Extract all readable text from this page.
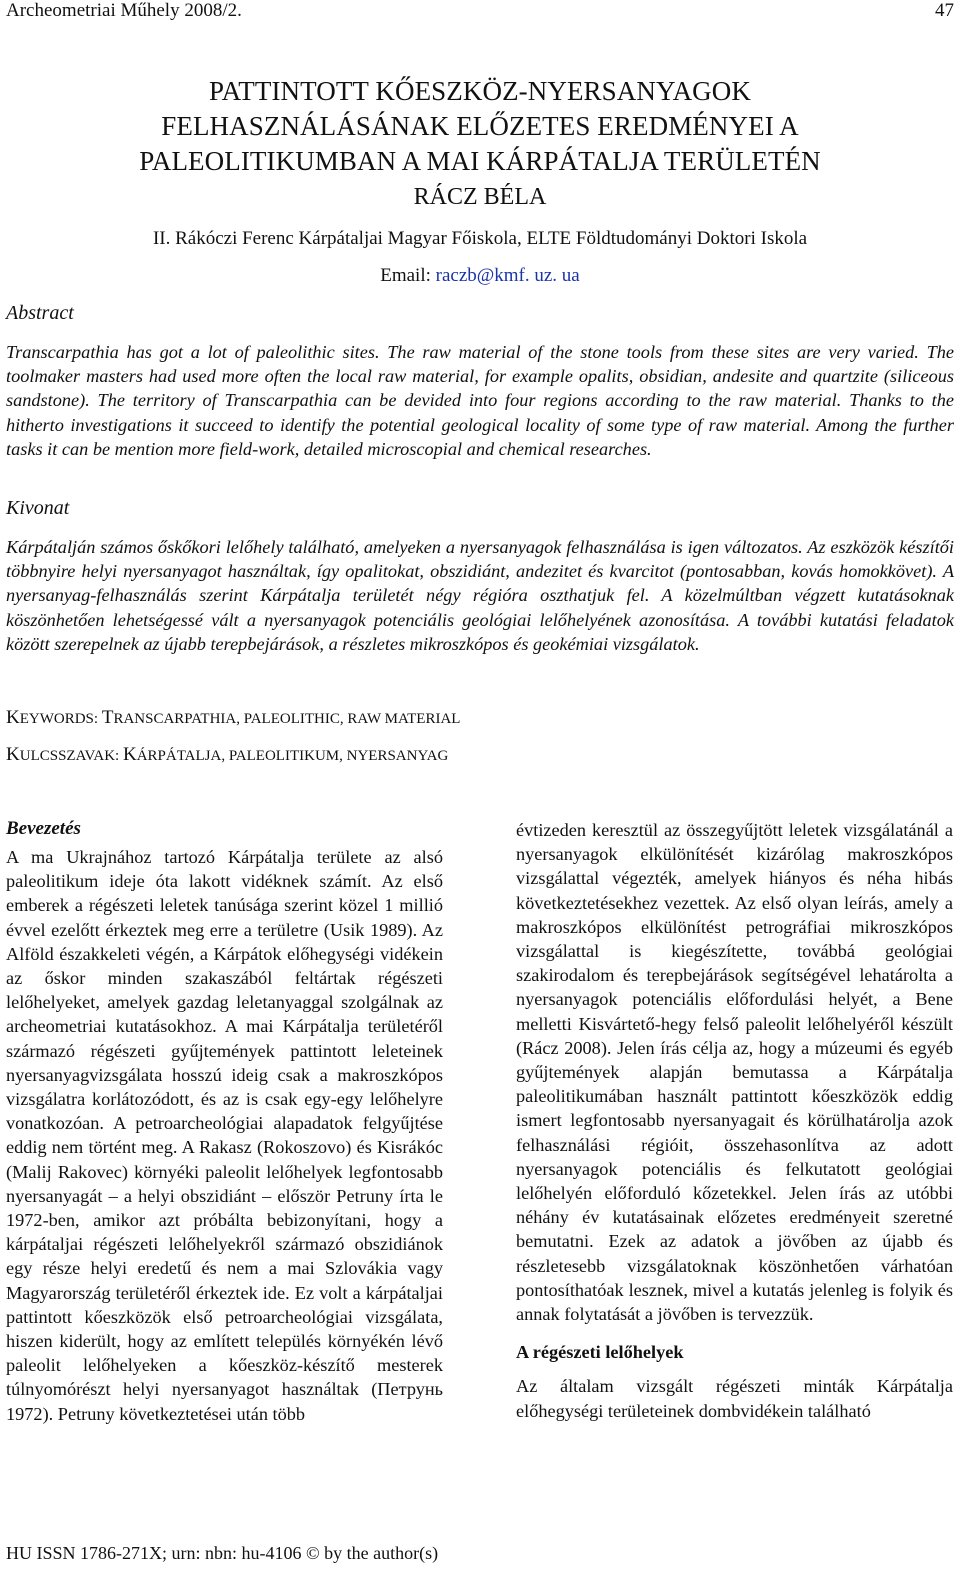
Archeometriai Műhely 2008/2.	47
PATTINTOTT KŐESZKÖZ-NYERSANYAGOK
FELHASZNÁLÁSÁNAK ELŐZETES EREDMÉNYEI A
PALEOLITIKUMBAN A MAI KÁRPÁTALJA TERÜLETÉN
RÁCZ BÉLA
II. Rákóczi Ferenc Kárpátaljai Magyar Főiskola, ELTE Földtudományi Doktori Iskola
Email: raczb@kmf. uz. ua
Abstract

Transcarpathia has got a lot of paleolithic sites. The raw material of the stone tools from these sites are very varied. The toolmaker masters had used more often the local raw material, for example opalits, obsidian, andesite and quartzite (siliceous sandstone). The territory of Transcarpathia can be devided into four regions according to the raw material. Thanks to the hitherto investigations it succeed to identify the potential geological locality of some type of raw material. Among the further tasks it can be mention more field-work, detailed microscopial and chemical researches.

Kivonat

Kárpátalján számos őskőkori lelőhely található, amelyeken a nyersanyagok felhasználása is igen változatos. Az eszközök készítői többnyire helyi nyersanyagot használtak, így opalitokat, obszidiánt, andezitet és kvarcitot (pontosabban, kovás homokkövet). A nyersanyag-felhasználás szerint Kárpátalja területét négy régióra oszthatjuk fel. A közelmúltban végzett kutatásoknak köszönhetően lehetségessé vált a nyersanyagok potenciális geológiai lelőhelyének azonosítása. A további kutatási feladatok között szerepelnek az újabb terepbejárások, a részletes mikroszkópos és geokémiai vizsgálatok.

KEYWORDS: TRANSCARPATHIA, PALEOLITHIC, RAW MATERIAL
KULCSSZAVAK: KÁRPÁTALJA, PALEOLITIKUM, NYERSANYAG
Bevezetés

A ma Ukrajnához tartozó Kárpátalja területe az alsó paleolitikum ideje óta lakott vidéknek számít. Az első emberek a régészeti leletek tanúsága szerint közel 1 millió évvel ezelőtt érkeztek meg erre a területre (Usik 1989). Az Alföld északkeleti végén, a Kárpátok előhegységi vidékein az őskor minden szakaszából feltártak régészeti lelőhelyeket, amelyek gazdag leletanyaggal szolgálnak az archeometriai kutatásokhoz. A mai Kárpátalja területéről származó régészeti gyűjtemények pattintott leleteinek nyersanyagvizsgálata hosszú ideig csak a makroszkópos vizsgálatra korlátozódott, és az is csak egy-egy lelőhelyre vonatkozóan. A petroarcheológiai alapadatok felgyűjtése eddig nem történt meg. A Rakasz (Rokoszovo) és Kisrákóc (Malij Rakovec) környéki paleolit lelőhelyek legfontosabb nyersanyagát – a helyi obszidiánt – először Petruny írta le 1972-ben, amikor azt próbálta bebizonyítani, hogy a kárpátaljai régészeti lelőhelyekről származó obszidiánok egy része helyi eredetű és nem a mai Szlovákia vagy Magyarország területéről érkeztek ide. Ez volt a kárpátaljai pattintott kőeszközök első petroarcheológiai vizsgálata, hiszen kiderült, hogy az említett település környékén lévő paleolit lelőhelyeken a kőeszköz-készítő mesterek túlnyomórészt helyi nyersanyagot használtak (Петрунь 1972). Petruny következtetései után több

évtizeden keresztül az összegyűjtött leletek vizsgálatánál a nyersanyagok elkülönítését kizárólag makroszkópos vizsgálattal végezték, amelyek hiányos és néha hibás következtetésekhez vezettek. Az első olyan leírás, amely a makroszkópos elkülönítést petrográfiai mikroszkópos vizsgálattal is kiegészítette, továbbá geológiai szakirodalom és terepbejárások segítségével lehatárolta a nyersanyagok potenciális előfordulási helyét, a Bene melletti Kisvártető-hegy felső paleolit lelőhelyéről készült (Rácz 2008). Jelen írás célja az, hogy a múzeumi és egyéb gyűjtemények alapján bemutassa a Kárpátalja paleolitikumában használt pattintott kőeszközök eddig ismert legfontosabb nyersanyagait és körülhatárolja azok felhasználási régióit, összehasonlítva az adott nyersanyagok potenciális és felkutatott geológiai lelőhelyén előforduló kőzetekkel. Jelen írás az utóbbi néhány év kutatásainak előzetes eredményeit szeretné bemutatni. Ezek az adatok a jövőben az újabb és részletesebb vizsgálatoknak köszönhetően várhatóan pontosíthatóak lesznek, mivel a kutatás jelenleg is folyik és annak folytatását a jövőben is tervezzük.

A régészeti lelőhelyek

Az általam vizsgált régészeti minták Kárpátalja előhegységi területeinek dombvidékein található

HU ISSN 1786-271X; urn: nbn: hu-4106 © by the author(s)
